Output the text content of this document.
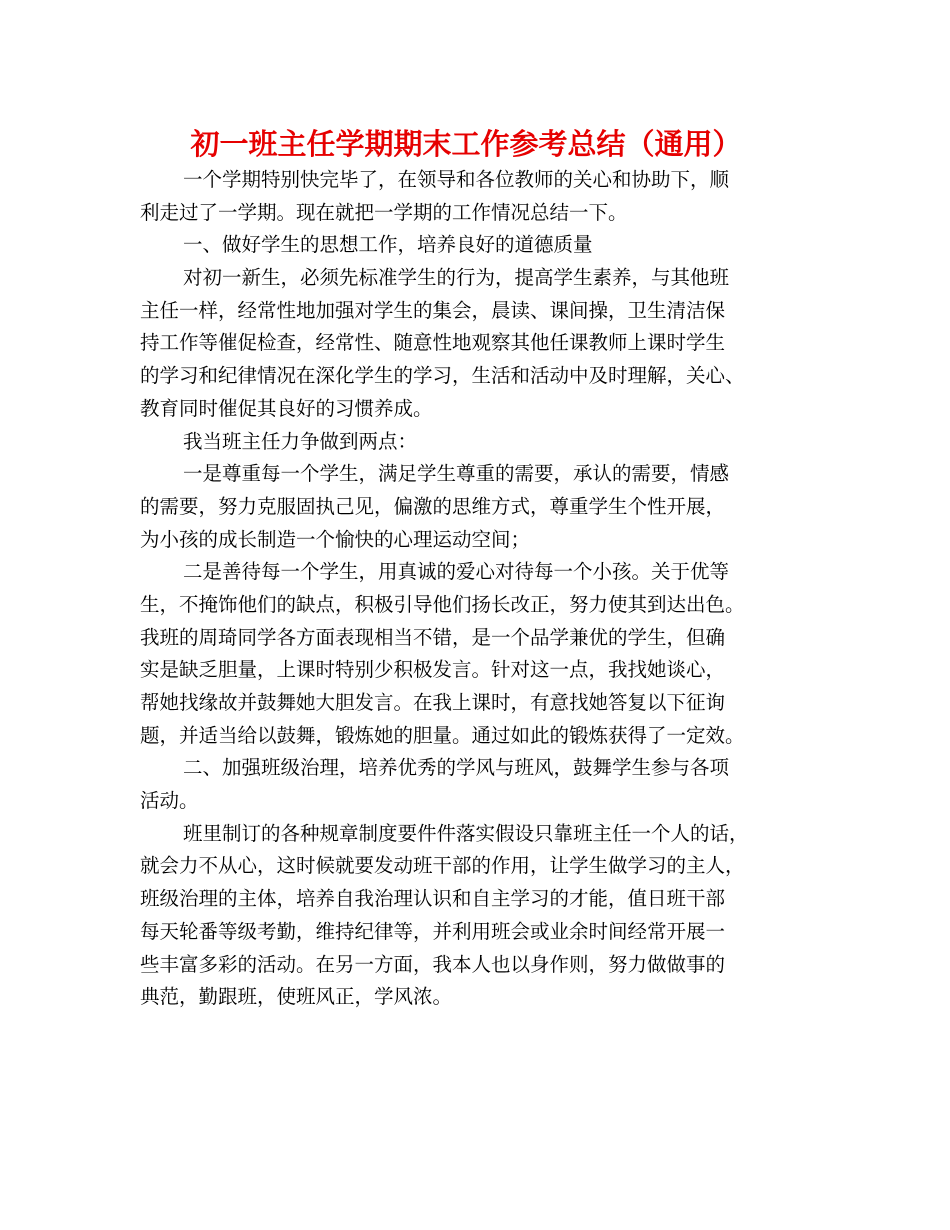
初一班主任学期期末工作参考总结（通用）
一个学期特别快完毕了，在领导和各位教师的关心和协助下，顺
利走过了一学期。现在就把一学期的工作情况总结一下。
一、做好学生的思想工作，培养良好的道德质量
对初一新生，必须先标准学生的行为，提高学生素养，与其他班
主任一样，经常性地加强对学生的集会，晨读、课间操，卫生清洁保
持工作等催促检查，经常性、随意性地观察其他任课教师上课时学生
的学习和纪律情况在深化学生的学习，生活和活动中及时理解，关心、
教育同时催促其良好的习惯养成。
我当班主任力争做到两点：
一是尊重每一个学生，满足学生尊重的需要，承认的需要，情感
的需要，努力克服固执己见，偏激的思维方式，尊重学生个性开展，
为小孩的成长制造一个愉快的心理运动空间；
二是善待每一个学生，用真诚的爱心对待每一个小孩。关于优等
生，不掩饰他们的缺点，积极引导他们扬长改正，努力使其到达出色。
我班的周琦同学各方面表现相当不错，是一个品学兼优的学生，但确
实是缺乏胆量，上课时特别少积极发言。针对这一点，我找她谈心，
帮她找缘故并鼓舞她大胆发言。在我上课时，有意找她答复以下征询
题，并适当给以鼓舞，锻炼她的胆量。通过如此的锻炼获得了一定效。
二、加强班级治理，培养优秀的学风与班风，鼓舞学生参与各项
活动。
班里制订的各种规章制度要件件落实假设只靠班主任一个人的话，
就会力不从心，这时候就要发动班干部的作用，让学生做学习的主人，
班级治理的主体，培养自我治理认识和自主学习的才能，值日班干部
每天轮番等级考勤，维持纪律等，并利用班会或业余时间经常开展一
些丰富多彩的活动。在另一方面，我本人也以身作则，努力做做事的
典范，勤跟班，使班风正，学风浓。
